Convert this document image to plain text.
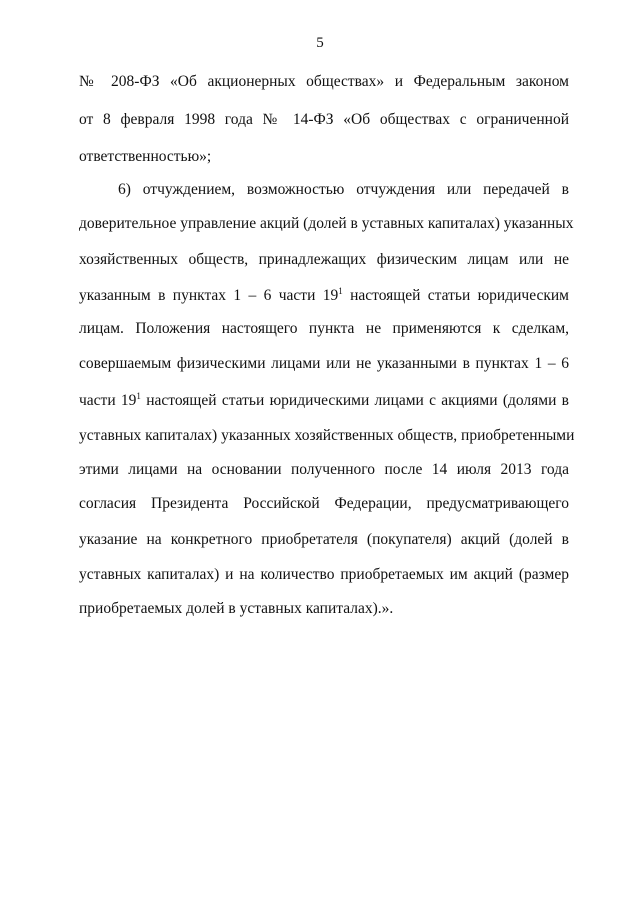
5
№ 208-ФЗ «Об акционерных обществах» и Федеральным законом
от 8 февраля 1998 года № 14-ФЗ «Об обществах с ограниченной
ответственностью»;
6) отчуждением, возможностью отчуждения или передачей в
доверительное управление акций (долей в уставных капиталах) указанных
хозяйственных обществ, принадлежащих физическим лицам или не
указанным в пунктах 1 – 6 части $19^1$ настоящей статьи юридическим
лицам. Положения настоящего пункта не применяются к сделкам,
совершаемым физическими лицами или не указанными в пунктах 1 – 6
части $19^1$ настоящей статьи юридическими лицами с акциями (долями в
уставных капиталах) указанных хозяйственных обществ, приобретенными
этими лицами на основании полученного после 14 июля 2013 года
согласия Президента Российской Федерации, предусматривающего
указание на конкретного приобретателя (покупателя) акций (долей в
уставных капиталах) и на количество приобретаемых им акций (размер
приобретаемых долей в уставных капиталах).».
